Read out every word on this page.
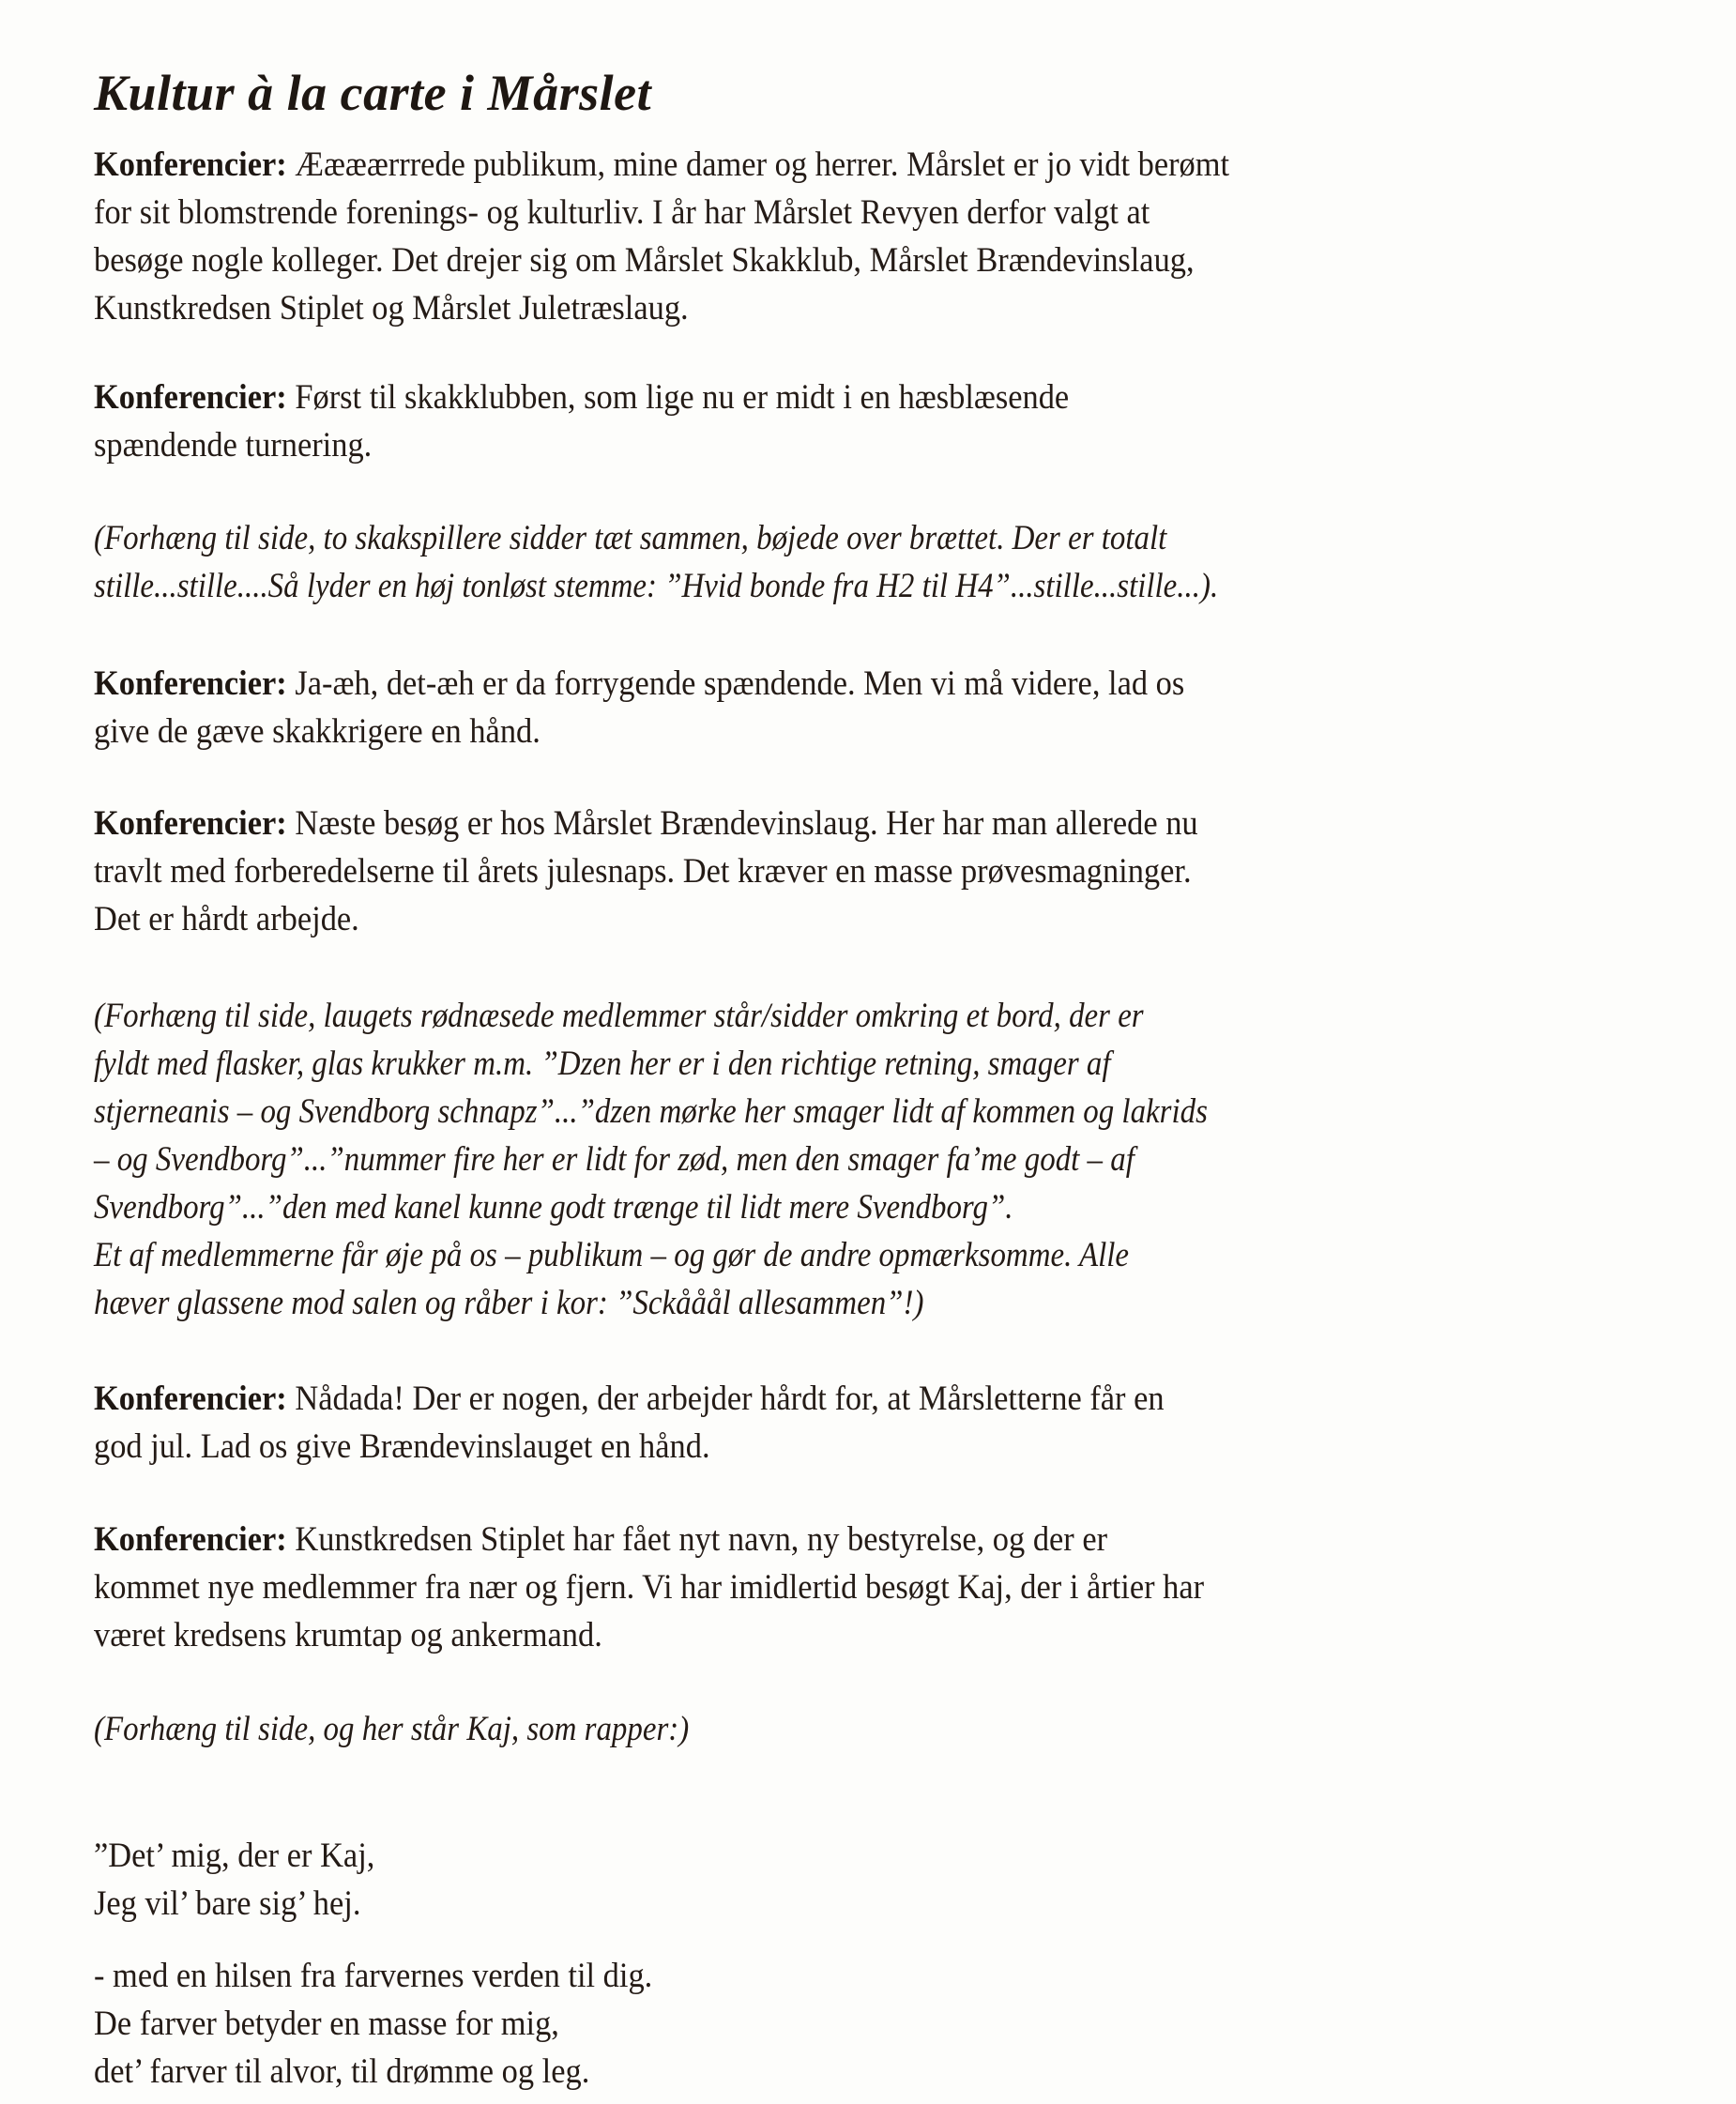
Kultur à la carte i Mårslet
Konferencier: Æææærrrede publikum, mine damer og herrer. Mårslet er jo vidt berømt
for sit blomstrende forenings- og kulturliv. I år har Mårslet Revyen derfor valgt at
besøge nogle kolleger. Det drejer sig om Mårslet Skakklub, Mårslet Brændevinslaug,
Kunstkredsen Stiplet og Mårslet Juletræslaug.
Konferencier: Først til skakklubben, som lige nu er midt i en hæsblæsende
spændende turnering.
(Forhæng til side, to skakspillere sidder tæt sammen, bøjede over brættet. Der er totalt
stille...stille....Så lyder en høj tonløst stemme: ”Hvid bonde fra H2 til H4”...stille...stille...).
Konferencier: Ja-æh, det-æh er da forrygende spændende. Men vi må videre, lad os
give de gæve skakkrigere en hånd.
Konferencier: Næste besøg er hos Mårslet Brændevinslaug. Her har man allerede nu
travlt med forberedelserne til årets julesnaps. Det kræver en masse prøvesmagninger.
Det er hårdt arbejde.
(Forhæng til side, laugets rødnæsede medlemmer står/sidder omkring et bord, der er
fyldt med flasker, glas krukker m.m. ”Dzen her er i den richtige retning, smager af
stjerneanis – og Svendborg schnapz”...”dzen mørke her smager lidt af kommen og lakrids
– og Svendborg”...”nummer fire her er lidt for zød, men den smager fa’me godt – af
Svendborg”...”den med kanel kunne godt trænge til lidt mere Svendborg”.
Et af medlemmerne får øje på os – publikum – og gør de andre opmærksomme. Alle
hæver glassene mod salen og råber i kor: ”Sckååål allesammen”!)
Konferencier: Nådada! Der er nogen, der arbejder hårdt for, at Mårsletterne får en
god jul. Lad os give Brændevinslauget en hånd.
Konferencier: Kunstkredsen Stiplet har fået nyt navn, ny bestyrelse, og der er
kommet nye medlemmer fra nær og fjern. Vi har imidlertid besøgt Kaj, der i årtier har
været kredsens krumtap og ankermand.
(Forhæng til side, og her står Kaj, som rapper:)
”Det’ mig, der er Kaj,
Jeg vil’ bare sig’ hej.
- med en hilsen fra farvernes verden til dig.
De farver betyder en masse for mig,
det’ farver til alvor, til drømme og leg.
